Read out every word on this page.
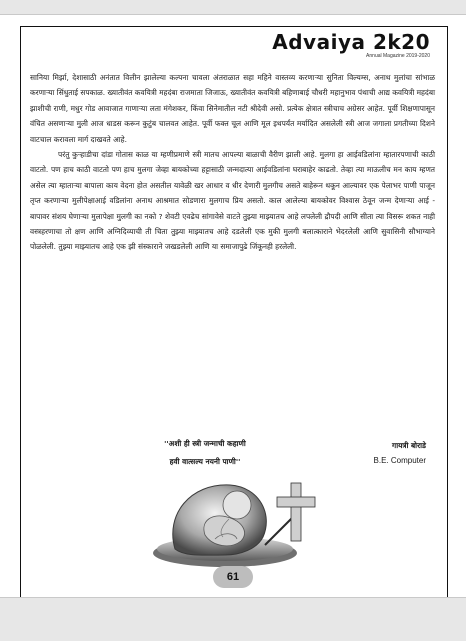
Advaiya 2k20
Annual Magazine 2019-2020

सानिया मिर्झा, देशासाठी अनंतात विलीन झालेल्या कल्पना चावला अंतराळात सहा महिने वास्तव्य करणाऱ्या सुनिता विल्यम्स, अनाथ मुलांचा सांभाळ करणाऱ्या सिंधुताई सपकाळ. ख्यातीवंत कवयित्री महदंबा राजमाता जिजाऊ, ख्यातीवंत कवयित्री बहिणाबाई चौधरी महानुभाव पंथाची आद्य कवयित्री महदंबा झाशीची राणी, मधुर गोड आवाजात गाणाऱ्या लता मंगेशकर, किंवा सिनेमातील नटी श्रीदेवी असो. प्रत्येक क्षेत्रात स्त्रीचाच अग्रेसर आहेत. पूर्वी शिक्षणापासून वंचित असणाऱ्या मुली आज धाडस करून कुटुंब चालवत आहेत. पूर्वी फक्त चूल आणि मूल इथपर्यंत मर्यादित असलेली स्त्री आज जगाला प्रगतीच्या दिशने वाटचाल करावला मार्ग दाखवते आहे.

परंतु कुऱ्हाडीचा दांडा गोतास काळ या म्हणीप्रमाणे स्त्री मातच आपल्या बाळाची वैरीण झाली आहे. मुलगा हा आईवडिलांना म्हातारपणाची काठी वाटतो. पण हाच काठी वाटतो पण हाच मुलगा जेव्हा बायकोच्या हट्टासाठी जन्मदात्या आईवडिलांना घराबाहेर काढतो. तेव्हा त्या माऊलीच मन काय म्हणत असेल त्या म्हाताऱ्या बापाला काय वेदना होत असतील यावेळी खर आधार व धीर देणारी मुलगीच असते बाहेरून थकून आल्यावर एक पेलाभर पाणी पाजून तृप्त करणाऱ्या मुलीपेक्षाआई वडिलांना अनाथ आश्रमात सोडणारा मुलगाच प्रिय असतो. काल आलेल्या बायकोवर विश्वास ठेवून जन्म देणाऱ्या आई - बापावर संशय घेणाऱ्या मुलापेक्षा मुलगी का नको ? शेवटी एवढेच सांगावेसे वाटते तुझ्या माझ्यातच आहे लपलेली द्रौपदी आणि सीता त्या विसरू शकत नाही वस्त्रहरणाचा तो क्षण आणि अग्निदिव्याची ती चिता तुझ्या माझ्यातच आहे दडलेली एक मुकी मुलगी बलात्काराने भेदरलेली आणि सुवासिनी सौभाग्याने पोळलेली. तुझ्या माझ्यातच आहे एक झी संस्काराने जखडलेली आणि या समाजापुढे जिंकूनही हरलेली.

''अशी ही स्त्री जन्माची कहाणी
हवी वात्सल्य नयनी पाणी''
गायत्री बोराडे
B.E. Computer
61
